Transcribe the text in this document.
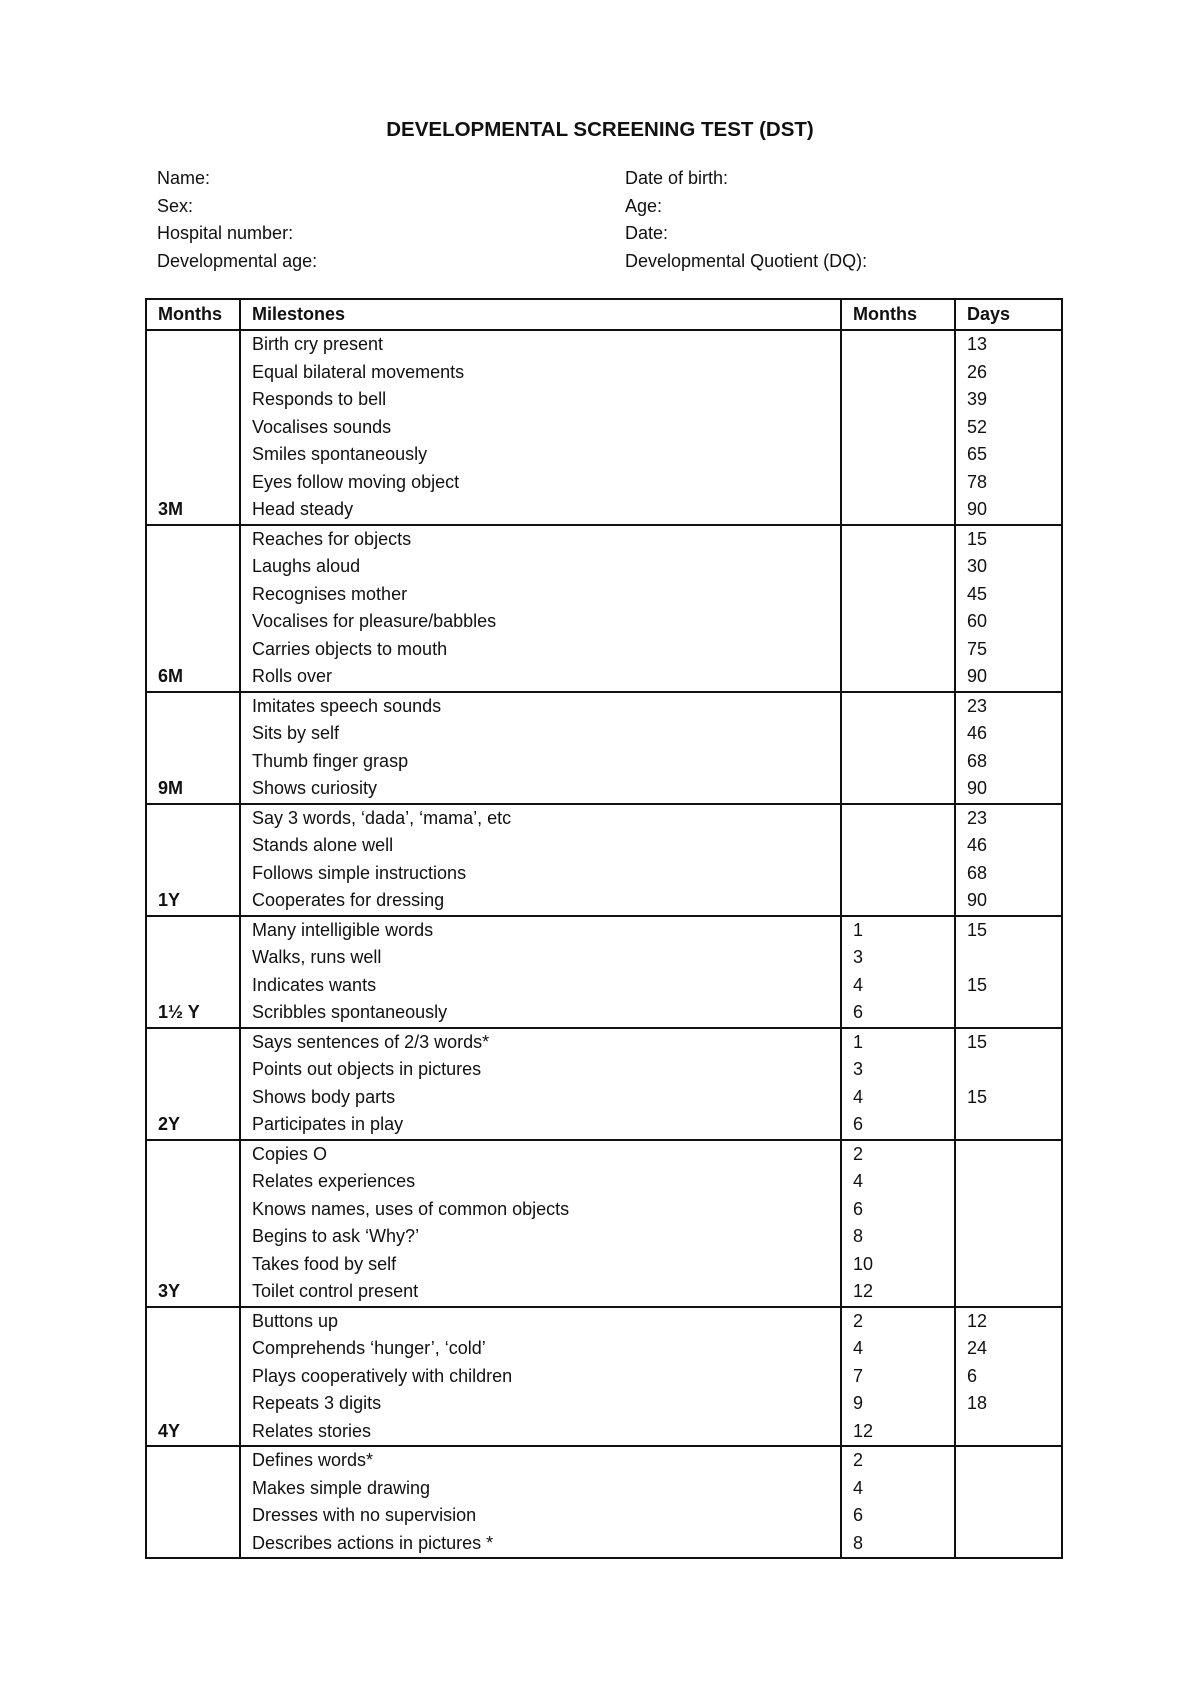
DEVELOPMENTAL SCREENING TEST (DST)
Name:	Date of birth:
Sex:	Age:
Hospital number:	Date:
Developmental age:	Developmental Quotient (DQ):
Months	Milestones	Months	Days
	Birth cry present		13
	Equal bilateral movements		26
	Responds to bell		39
	Vocalises sounds		52
	Smiles spontaneously		65
	Eyes follow moving object		78
3M	Head steady		90
	Reaches for objects		15
	Laughs aloud		30
	Recognises mother		45
	Vocalises for pleasure/babbles		60
	Carries objects to mouth		75
6M	Rolls over		90
	Imitates speech sounds		23
	Sits by self		46
	Thumb finger grasp		68
9M	Shows curiosity		90
	Say 3 words, ‘dada’, ‘mama’, etc		23
	Stands alone well		46
	Follows simple instructions		68
1Y	Cooperates for dressing		90
	Many intelligible words	1	15
	Walks, runs well	3	
	Indicates wants	4	15
1½ Y	Scribbles spontaneously	6	
	Says sentences of 2/3 words*	1	15
	Points out objects in pictures	3	
	Shows body parts	4	15
2Y	Participates in play	6	
	Copies O	2	
	Relates experiences	4	
	Knows names, uses of common objects	6	
	Begins to ask ‘Why?’	8	
	Takes food by self	10	
3Y	Toilet control present	12	
	Buttons up	2	12
	Comprehends ‘hunger’, ‘cold’	4	24
	Plays cooperatively with children	7	6
	Repeats 3 digits	9	18
4Y	Relates stories	12	
	Defines words*	2	
	Makes simple drawing	4	
	Dresses with no supervision	6	
	Describes actions in pictures *	8	
